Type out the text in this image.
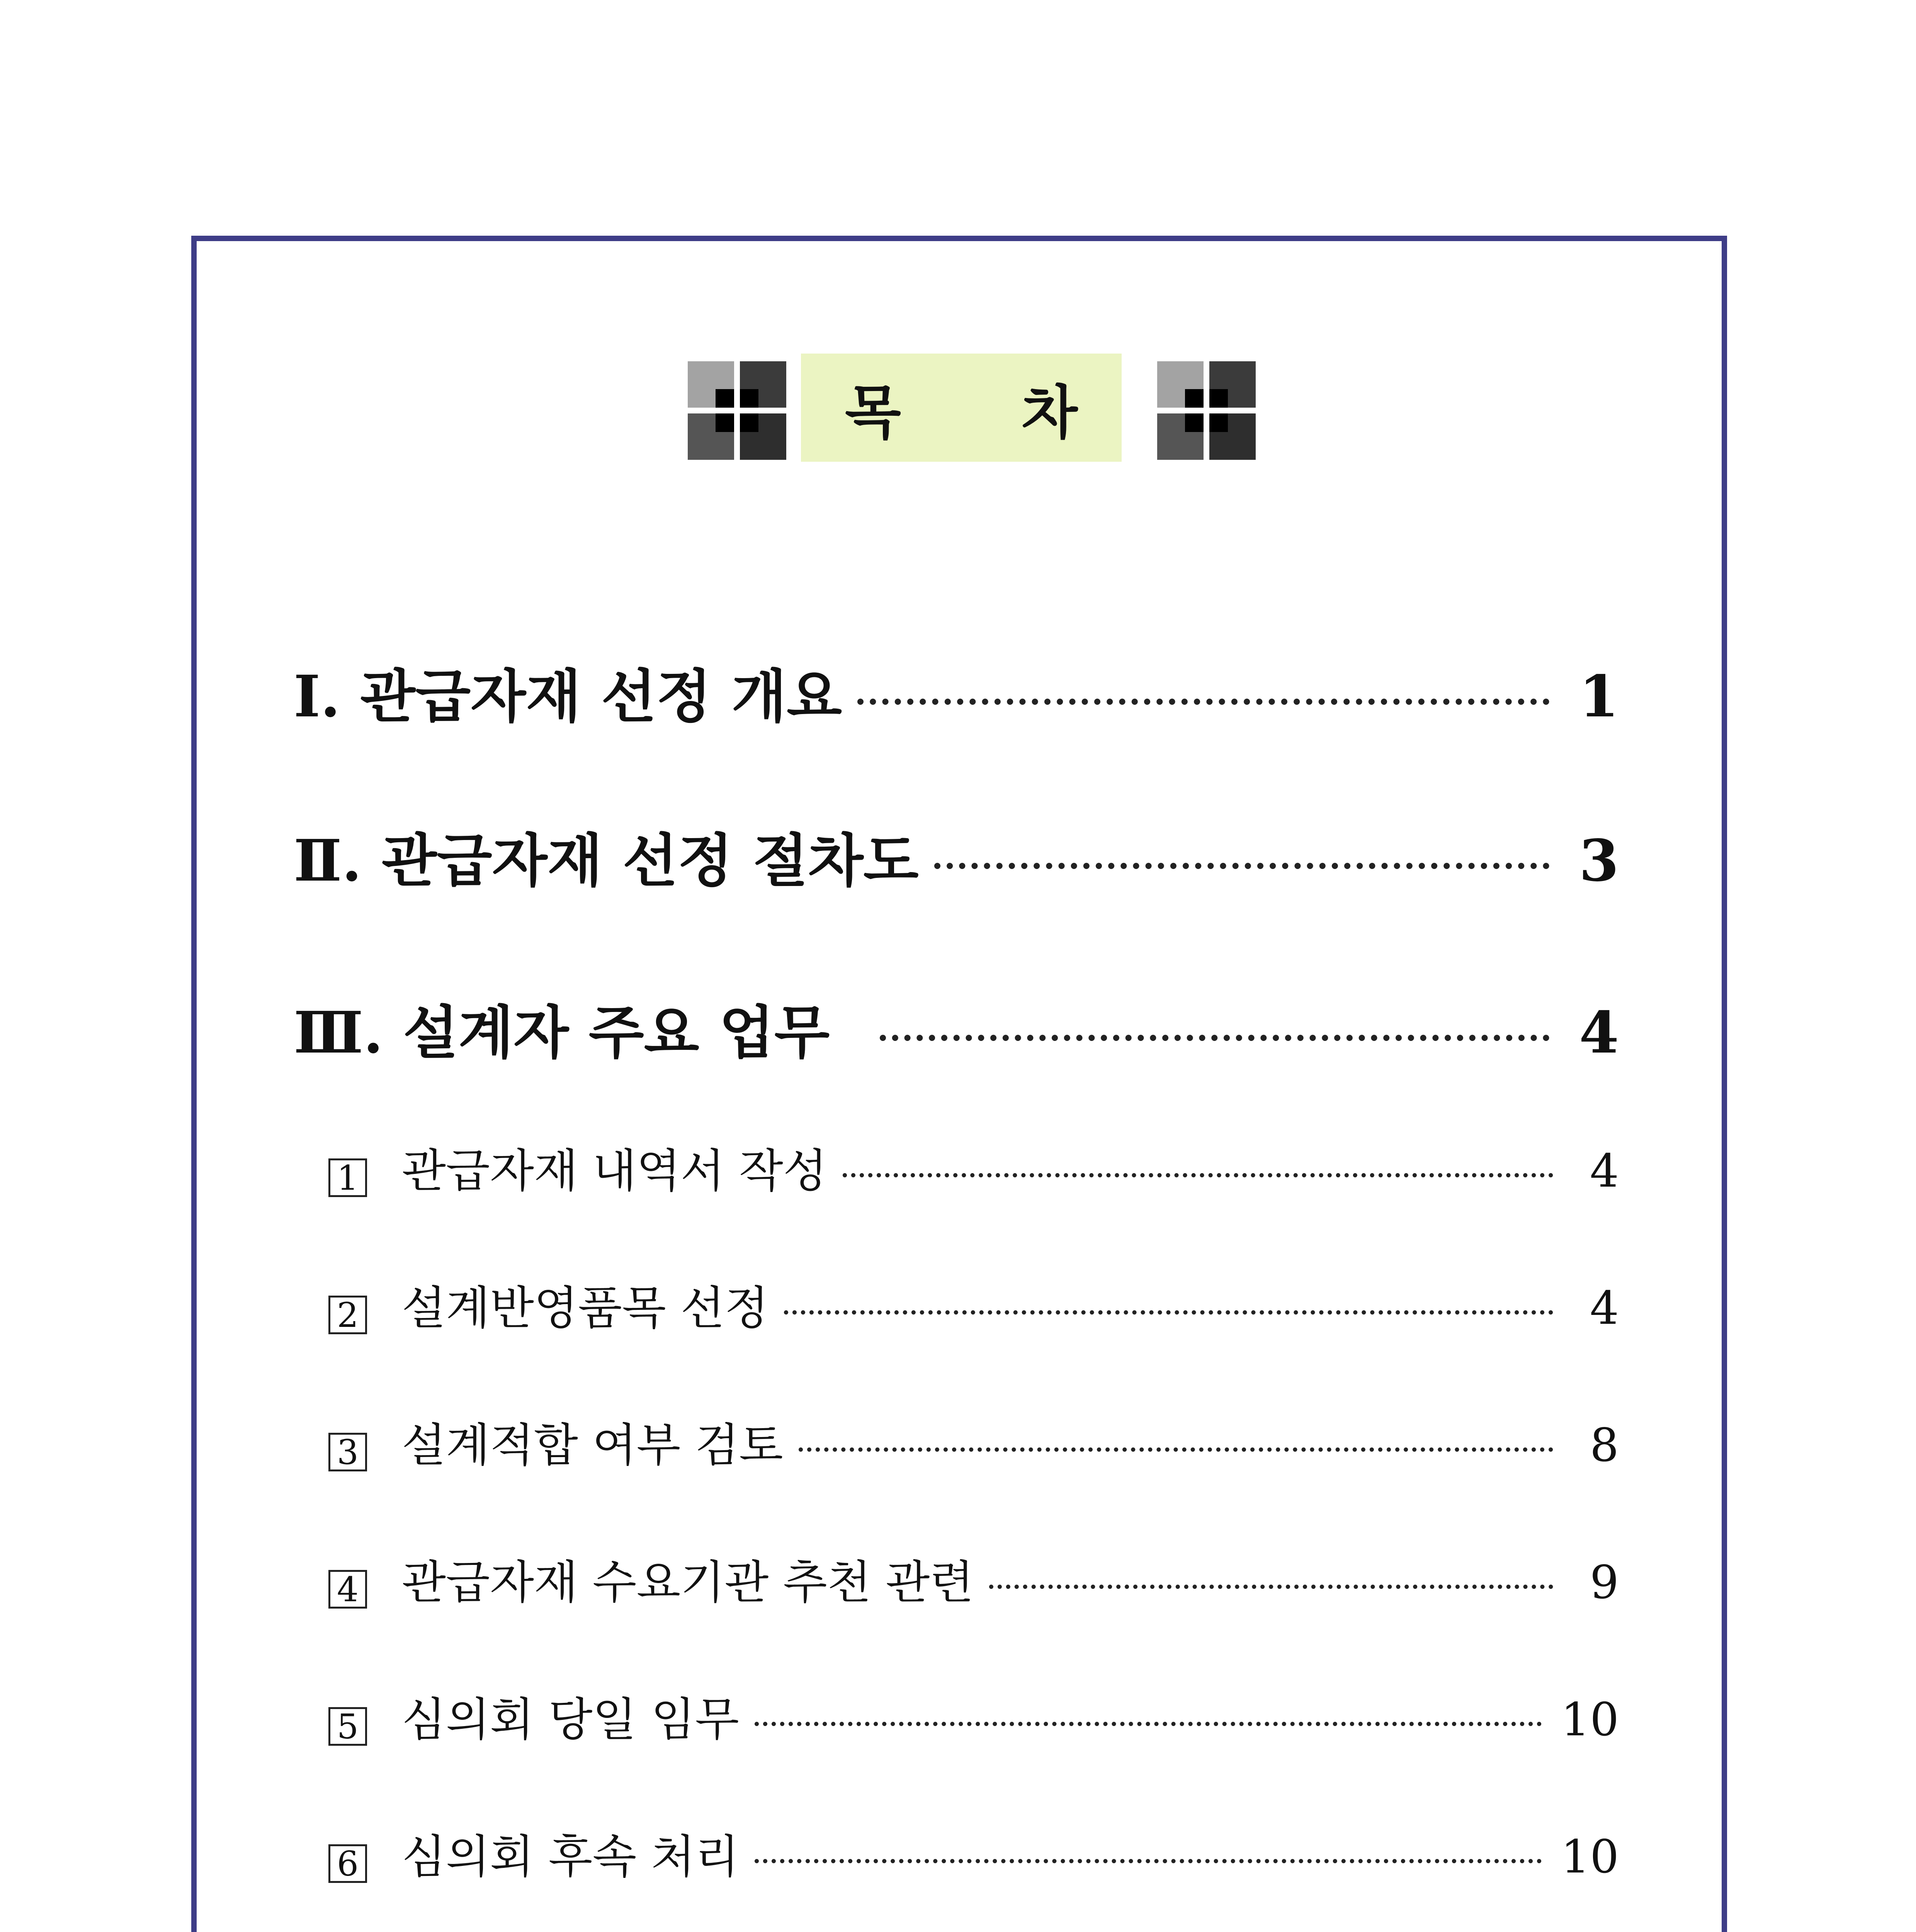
목 차
Ⅰ. 관급자재 선정 개요	1
Ⅱ. 관급자재 선정 절차도	3
Ⅲ. 설계자 주요 업무	4
1 관급자재 내역서 작성	4
2 설계반영품목 선정	4
3 설계적합 여부 검토	8
4 관급자재 수요기관 추천 관련	9
5 심의회 당일 임무	10
6 심의회 후속 처리	10
